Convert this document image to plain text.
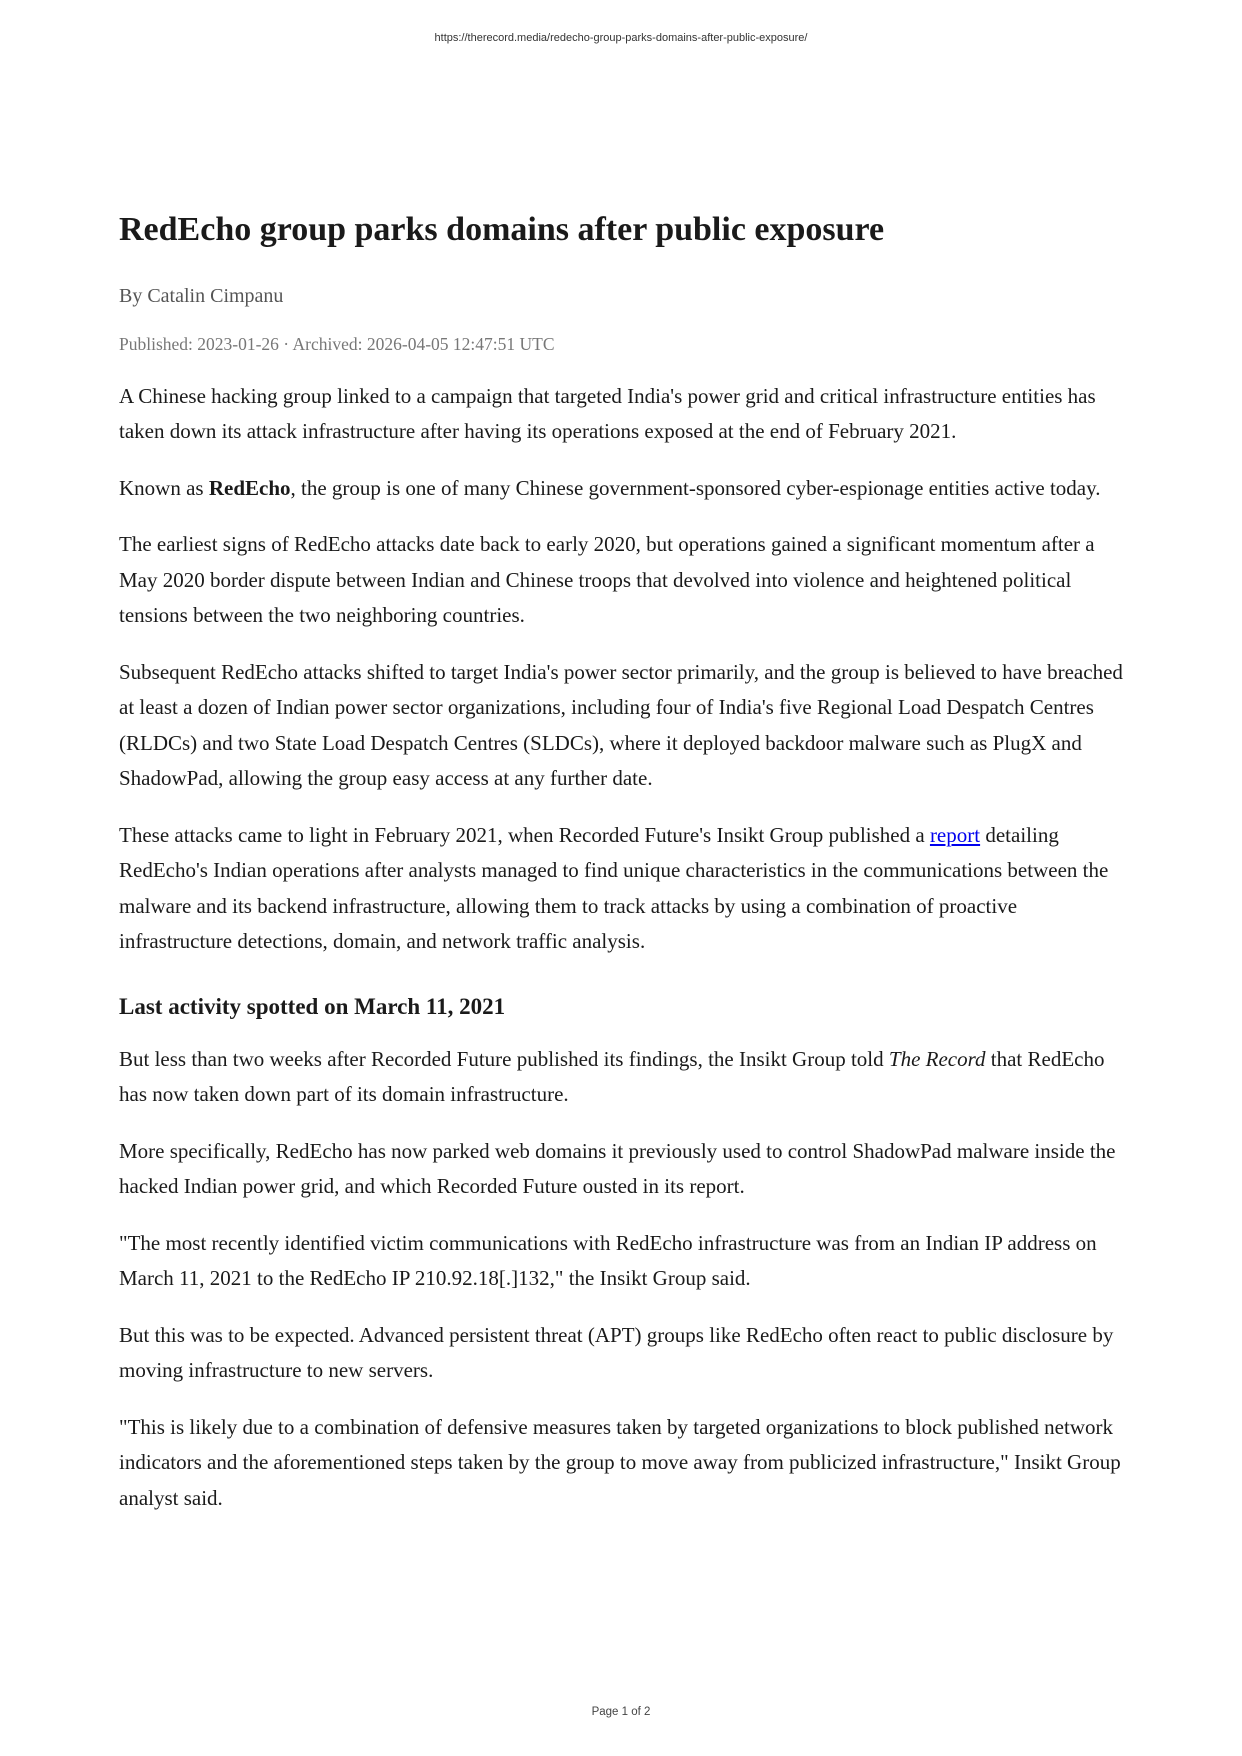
https://therecord.media/redecho-group-parks-domains-after-public-exposure/
RedEcho group parks domains after public exposure
By Catalin Cimpanu
Published: 2023-01-26 · Archived: 2026-04-05 12:47:51 UTC

A Chinese hacking group linked to a campaign that targeted India's power grid and critical infrastructure entities has taken down its attack infrastructure after having its operations exposed at the end of February 2021.

Known as RedEcho, the group is one of many Chinese government-sponsored cyber-espionage entities active today.

The earliest signs of RedEcho attacks date back to early 2020, but operations gained a significant momentum after a May 2020 border dispute between Indian and Chinese troops that devolved into violence and heightened political tensions between the two neighboring countries.

Subsequent RedEcho attacks shifted to target India's power sector primarily, and the group is believed to have breached at least a dozen of Indian power sector organizations, including four of India's five Regional Load Despatch Centres (RLDCs) and two State Load Despatch Centres (SLDCs), where it deployed backdoor malware such as PlugX and ShadowPad, allowing the group easy access at any further date.

These attacks came to light in February 2021, when Recorded Future's Insikt Group published a report detailing RedEcho's Indian operations after analysts managed to find unique characteristics in the communications between the malware and its backend infrastructure, allowing them to track attacks by using a combination of proactive infrastructure detections, domain, and network traffic analysis.

Last activity spotted on March 11, 2021

But less than two weeks after Recorded Future published its findings, the Insikt Group told The Record that RedEcho has now taken down part of its domain infrastructure.

More specifically, RedEcho has now parked web domains it previously used to control ShadowPad malware inside the hacked Indian power grid, and which Recorded Future ousted in its report.

"The most recently identified victim communications with RedEcho infrastructure was from an Indian IP address on March 11, 2021 to the RedEcho IP 210.92.18[.]132," the Insikt Group said.

But this was to be expected. Advanced persistent threat (APT) groups like RedEcho often react to public disclosure by moving infrastructure to new servers.

"This is likely due to a combination of defensive measures taken by targeted organizations to block published network indicators and the aforementioned steps taken by the group to move away from publicized infrastructure," Insikt Group analyst said.

Page 1 of 2
